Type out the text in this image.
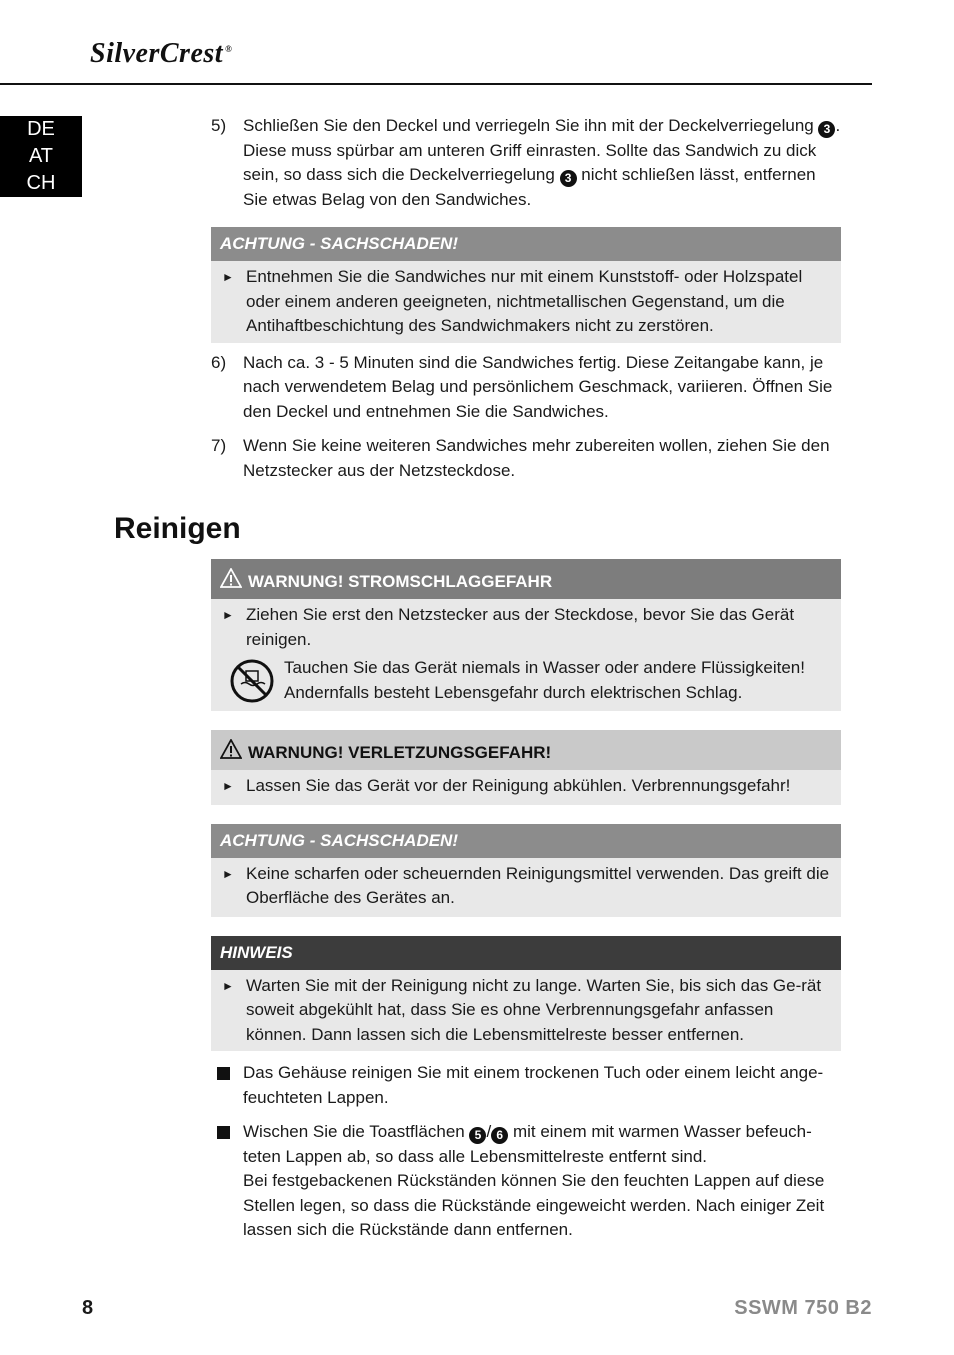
SilverCrest ®
DE
AT
CH
5) Schließen Sie den Deckel und verriegeln Sie ihn mit der Deckelverriegelung 3 . Diese muss spürbar am unteren Griff einrasten. Sollte das Sandwich zu dick sein, so dass sich die Deckelverriegelung 3 nicht schließen lässt, entfernen Sie etwas Belag von den Sandwiches.
ACHTUNG - SACHSCHADEN!
► Entnehmen Sie die Sandwiches nur mit einem Kunststoff- oder Holzspatel oder einem anderen geeigneten, nichtmetallischen Gegenstand, um die Antihaftbeschichtung des Sandwichmakers nicht zu zerstören.
6) Nach ca. 3 - 5 Minuten sind die Sandwiches fertig. Diese Zeitangabe kann, je nach verwendetem Belag und persönlichem Geschmack, variieren. Öffnen Sie den Deckel und entnehmen Sie die Sandwiches.
7) Wenn Sie keine weiteren Sandwiches mehr zubereiten wollen, ziehen Sie den Netzstecker aus der Netzsteckdose.
Reinigen
WARNUNG! STROMSCHLAGGEFAHR
► Ziehen Sie erst den Netzstecker aus der Steckdose, bevor Sie das Gerät reinigen.
Tauchen Sie das Gerät niemals in Wasser oder andere Flüssigkeiten! Andernfalls besteht Lebensgefahr durch elektrischen Schlag.
WARNUNG! VERLETZUNGSGEFAHR!
► Lassen Sie das Gerät vor der Reinigung abkühlen. Verbrennungsgefahr!
ACHTUNG - SACHSCHADEN!
► Keine scharfen oder scheuernden Reinigungsmittel verwenden. Das greift die Oberfläche des Gerätes an.
HINWEIS
► Warten Sie mit der Reinigung nicht zu lange. Warten Sie, bis sich das Ge-rät soweit abgekühlt hat, dass Sie es ohne Verbrennungsgefahr anfassen können. Dann lassen sich die Lebensmittelreste besser entfernen.
Das Gehäuse reinigen Sie mit einem trockenen Tuch oder einem leicht ange-feuchteten Lappen.
Wischen Sie die Toastflächen 5 / 6 mit einem mit warmen Wasser befeuch-teten Lappen ab, so dass alle Lebensmittelreste entfernt sind.
Bei festgebackenen Rückständen können Sie den feuchten Lappen auf diese Stellen legen, so dass die Rückstände eingeweicht werden. Nach einiger Zeit lassen sich die Rückstände dann entfernen.
8	SSWM 750 B2
